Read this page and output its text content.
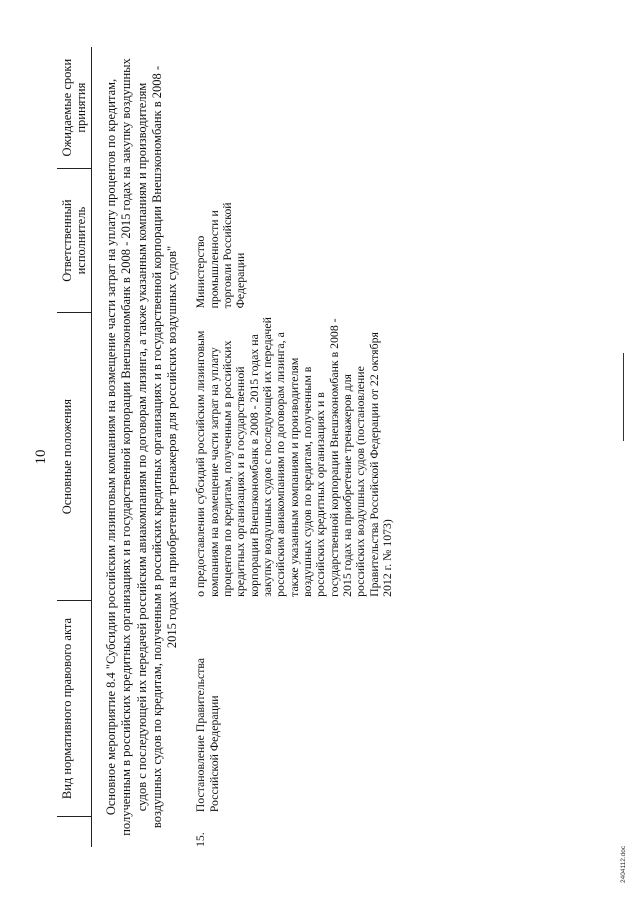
10
	Вид нормативного правового акта	Основные положения	Ответственный исполнитель	Ожидаемые сроки принятия
Основное мероприятие 8.4 "Субсидии российским лизинговым компаниям на возмещение части затрат на уплату процентов по кредитам, полученным в российских кредитных организациях и в государственной корпорации Внешэкономбанк в 2008 - 2015 годах на закупку воздушных судов с последующей их передачей российским авиакомпаниям по договорам лизинга, а также указанным компаниям и производителям воздушных судов по кредитам, полученным в российских кредитных организациях и в государственной корпорации Внешэкономбанк в 2008 - 2015 годах на приобретение тренажеров для российских воздушных судов"				
15.	Постановление Правительства Российской Федерации	о предоставлении субсидий российским лизинговым компаниям на возмещение части затрат на уплату процентов по кредитам, полученным в российских кредитных организациях и в государственной корпорации Внешэкономбанк в 2008 - 2015 годах на закупку воздушных судов с последующей их передачей российским авиакомпаниям по договорам лизинга, а также указанным компаниям и производителям воздушных судов по кредитам, полученным в российских кредитных организациях и в государственной корпорации Внешэкономбанк в 2008 - 2015 годах на приобретение тренажеров для российских воздушных судов (постановление Правительства Российской Федерации от 22 октября 2012 г. № 1073)	Министерство промышленности и торговли Российской Федерации	
2404112.doc
